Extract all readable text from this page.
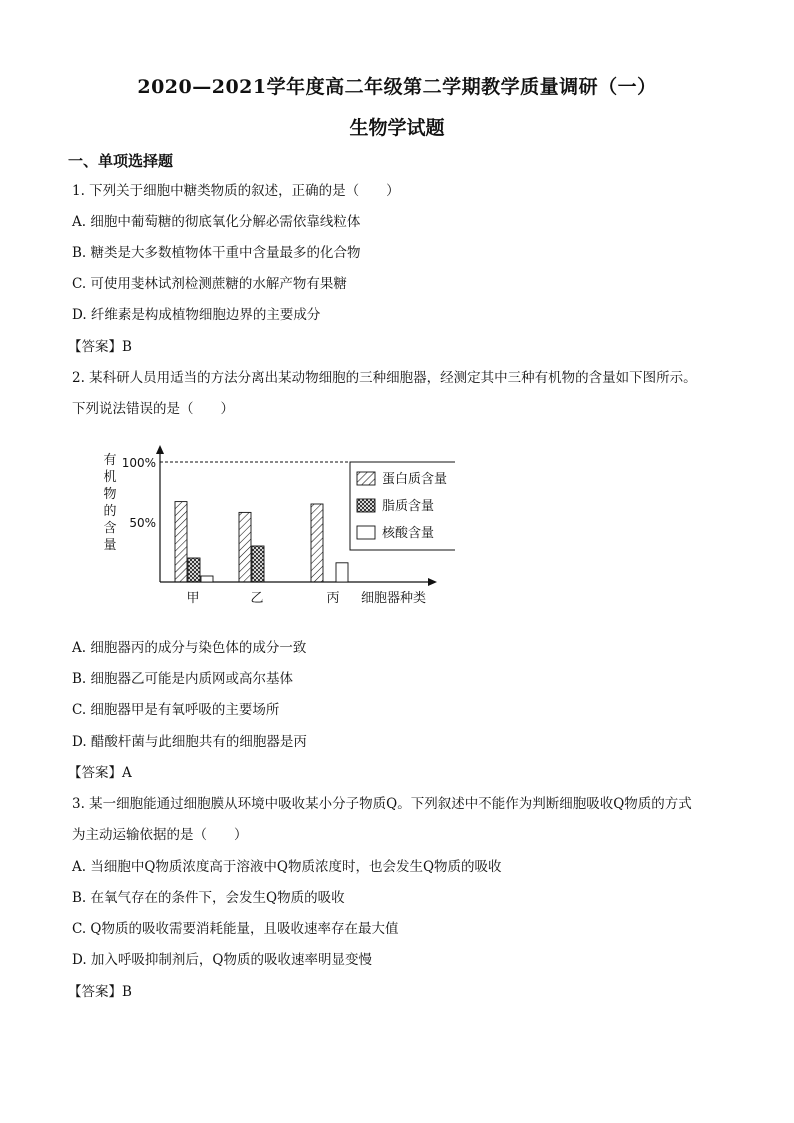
2020—2021学年度高二年级第二学期教学质量调研（一）
生物学试题
一、单项选择题
1. 下列关于细胞中糖类物质的叙述，正确的是（　　）
A. 细胞中葡萄糖的彻底氧化分解必需依靠线粒体
B. 糖类是大多数植物体干重中含量最多的化合物
C. 可使用斐林试剂检测蔗糖的水解产物有果糖
D. 纤维素是构成植物细胞边界的主要成分
【答案】B
2. 某科研人员用适当的方法分离出某动物细胞的三种细胞器，经测定其中三种有机物的含量如下图所示。
下列说法错误的是（　　）
50%
100%
有
机
物
的
含
量
细胞器种类
甲	乙	丙
蛋白质含量
脂质含量
核酸含量
A. 细胞器丙的成分与染色体的成分一致
B. 细胞器乙可能是内质网或高尔基体
C. 细胞器甲是有氧呼吸的主要场所
D. 醋酸杆菌与此细胞共有的细胞器是丙
【答案】A
3. 某一细胞能通过细胞膜从环境中吸收某小分子物质Q。下列叙述中不能作为判断细胞吸收Q物质的方式
为主动运输依据的是（　　）
A. 当细胞中Q物质浓度高于溶液中Q物质浓度时，也会发生Q物质的吸收
B. 在氧气存在的条件下，会发生Q物质的吸收
C. Q物质的吸收需要消耗能量，且吸收速率存在最大值
D. 加入呼吸抑制剂后，Q物质的吸收速率明显变慢
【答案】B
